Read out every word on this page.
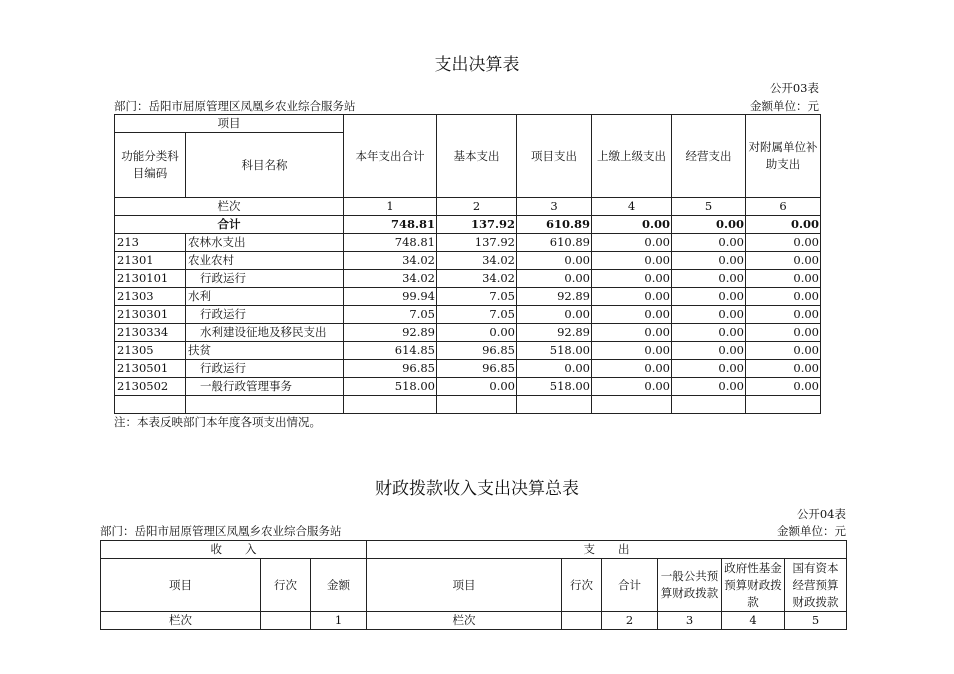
支出决算表
公开03表
部门：岳阳市屈原管理区凤凰乡农业综合服务站	金额单位：元
项目		本年支出合计	基本支出	项目支出	上缴上级支出	经营支出	对附属单位补助支出
功能分类科目编码	科目名称						
栏次		1	2	3	4	5	6
合计		748.81	137.92	610.89	0.00	0.00	0.00
213	农林水支出	748.81	137.92	610.89	0.00	0.00	0.00
21301	农业农村	34.02	34.02	0.00	0.00	0.00	0.00
2130101	行政运行	34.02	34.02	0.00	0.00	0.00	0.00
21303	水利	99.94	7.05	92.89	0.00	0.00	0.00
2130301	行政运行	7.05	7.05	0.00	0.00	0.00	0.00
2130334	水利建设征地及移民支出	92.89	0.00	92.89	0.00	0.00	0.00
21305	扶贫	614.85	96.85	518.00	0.00	0.00	0.00
2130501	行政运行	96.85	96.85	0.00	0.00	0.00	0.00
2130502	一般行政管理事务	518.00	0.00	518.00	0.00	0.00	0.00

注：本表反映部门本年度各项支出情况。
财政拨款收入支出决算总表
公开04表
部门：岳阳市屈原管理区凤凰乡农业综合服务站	金额单位：元
收　　入			支　　出					
项目	行次	金额	项目	行次	合计	一般公共预算财政拨款	政府性基金预算财政拨款	国有资本经营预算财政拨款
栏次		1	栏次		2	3	4	5
